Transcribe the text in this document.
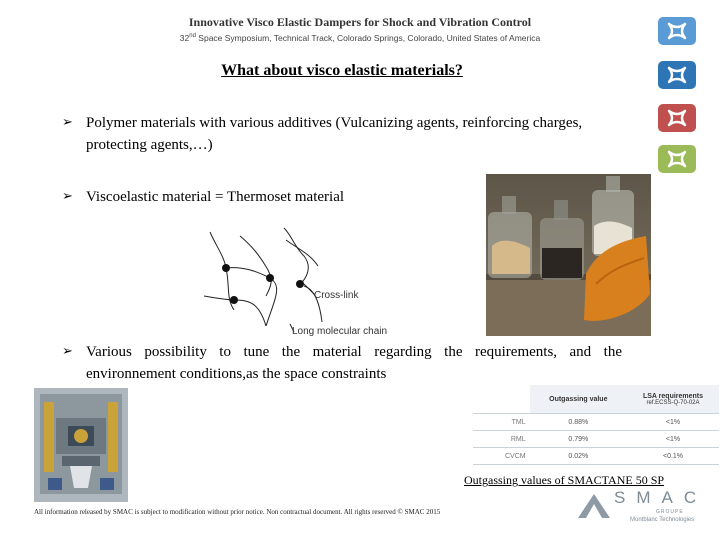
Innovative Visco Elastic Dampers for Shock and Vibration Control
32nd Space Symposium, Technical Track, Colorado Springs, Colorado, United States of America
What about visco elastic materials?
➢ Polymer materials with various additives (Vulcanizing agents, reinforcing charges, protecting agents,…)
➢ Viscoelastic material = Thermoset material
➢ Various possibility to tune the material regarding the requirements, and the environnement conditions,as the space constraints
Cross-link
Long molecular chain
	Outgassing value	LSA requirements
ref.ECSS-Q-70-02A

TML	0.88%	<1%
RML	0.79%	<1%
CVCM	0.02%	<0.1%
Outgassing values of SMACTANE 50 SP
All information released by SMAC is subject to modification without prior notice. Non contractual document. All rights reserved © SMAC 2015
SMAC
GROUPE
Montblanc Technologies
